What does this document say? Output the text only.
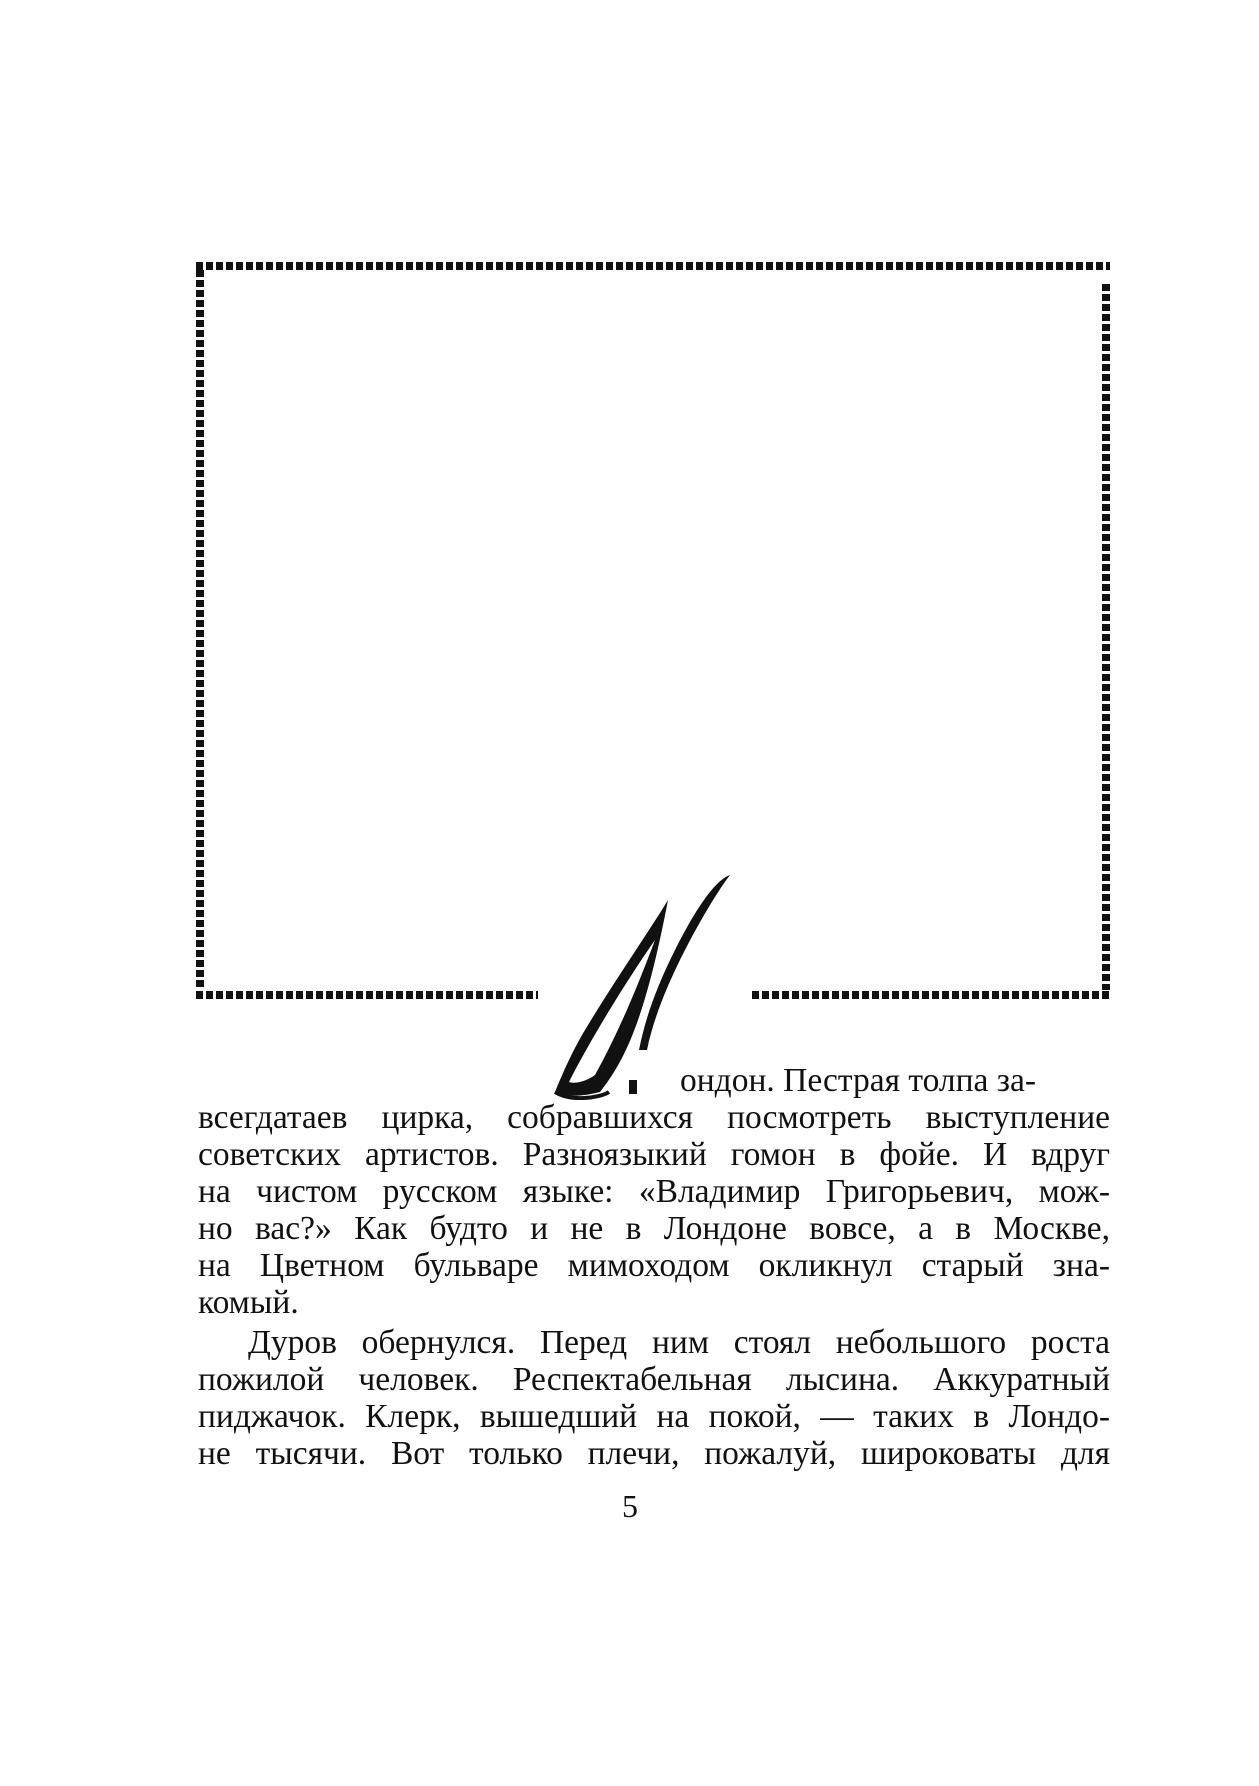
Л
ондон. Пестрая толпа за-
всегдатаев цирка, собравшихся посмотреть выступление
советских артистов. Разноязыкий гомон в фойе. И вдруг
на чистом русском языке: «Владимир Григорьевич, мож-
но вас?» Как будто и не в Лондоне вовсе, а в Москве,
на Цветном бульваре мимоходом окликнул старый зна-
комый.
Дуров обернулся. Перед ним стоял небольшого роста
пожилой человек. Респектабельная лысина. Аккуратный
пиджачок. Клерк, вышедший на покой, — таких в Лондо-
не тысячи. Вот только плечи, пожалуй, широковаты для
5
